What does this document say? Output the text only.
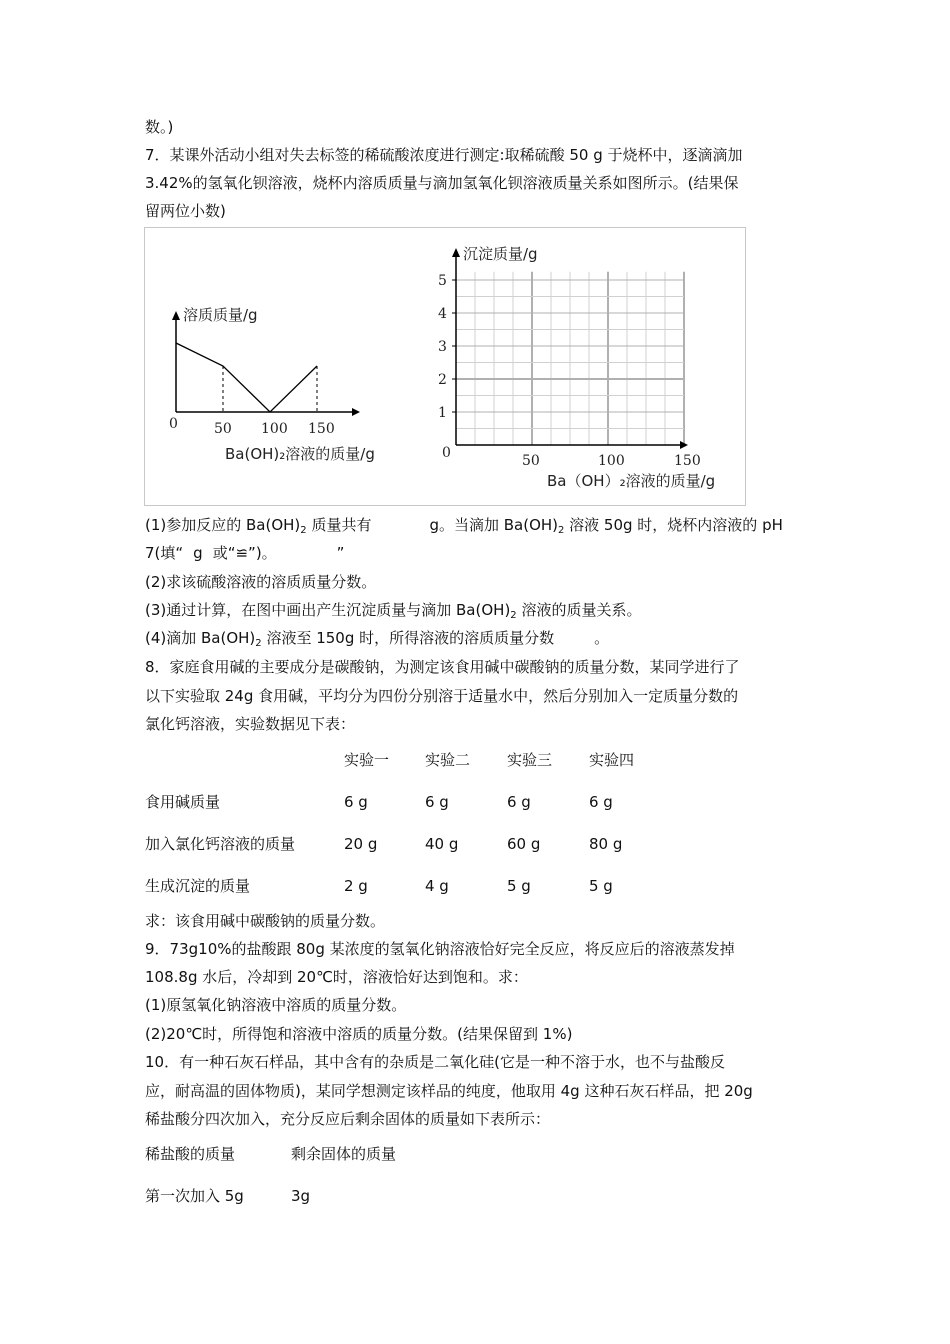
数。)
7．某课外活动小组对失去标签的稀硫酸浓度进行测定:取稀硫酸 50 g 于烧杯中，逐滴滴加
3.42%的氢氧化钡溶液，烧杯内溶质质量与滴加氢氧化钡溶液质量关系如图所示。(结果保
留两位小数)
溶质质量/g
0	50 100 150
Ba(OH)₂溶液的质量/g
沉淀质量/g
0
1
2
3
4
5
50	100	150
Ba（OH）₂溶液的质量/g
(1)参加反应的 $Ba(OH)_2$ 质量共有	g。当滴加 $Ba(OH)_2$ 溶液 50g 时，烧杯内溶液的 pH
7(填“ g 或“≌”)。	”
(2)求该硫酸溶液的溶质质量分数。
(3)通过计算，在图中画出产生沉淀质量与滴加 $Ba(OH)_2$ 溶液的质量关系。
(4)滴加 $Ba(OH)_2$ 溶液至 150g 时，所得溶液的溶质质量分数	。
8．家庭食用碱的主要成分是碳酸钠，为测定该食用碱中碳酸钠的质量分数，某同学进行了
以下实验取 24g 食用碱，平均分为四份分别溶于适量水中，然后分别加入一定质量分数的
氯化钙溶液，实验数据见下表：
实验一 实验二 实验三 实验四
食用碱质量	6 g	6 g	6 g	6 g
加入氯化钙溶液的质量	20 g	40 g	60 g	80 g
生成沉淀的质量	2 g	4 g	5 g	5 g
求：该食用碱中碳酸钠的质量分数。
9．73g10%的盐酸跟 80g 某浓度的氢氧化钠溶液恰好完全反应，将反应后的溶液蒸发掉
108.8g 水后，冷却到 20℃时，溶液恰好达到饱和。求：
(1)原氢氧化钠溶液中溶质的质量分数。
(2)20℃时，所得饱和溶液中溶质的质量分数。(结果保留到 1%)
10．有一种石灰石样品，其中含有的杂质是二氧化硅(它是一种不溶于水，也不与盐酸反
应，耐高温的固体物质)，某同学想测定该样品的纯度，他取用 4g 这种石灰石样品，把 20g
稀盐酸分四次加入，充分反应后剩余固体的质量如下表所示：
稀盐酸的质量	剩余固体的质量
第一次加入 5g	3g
